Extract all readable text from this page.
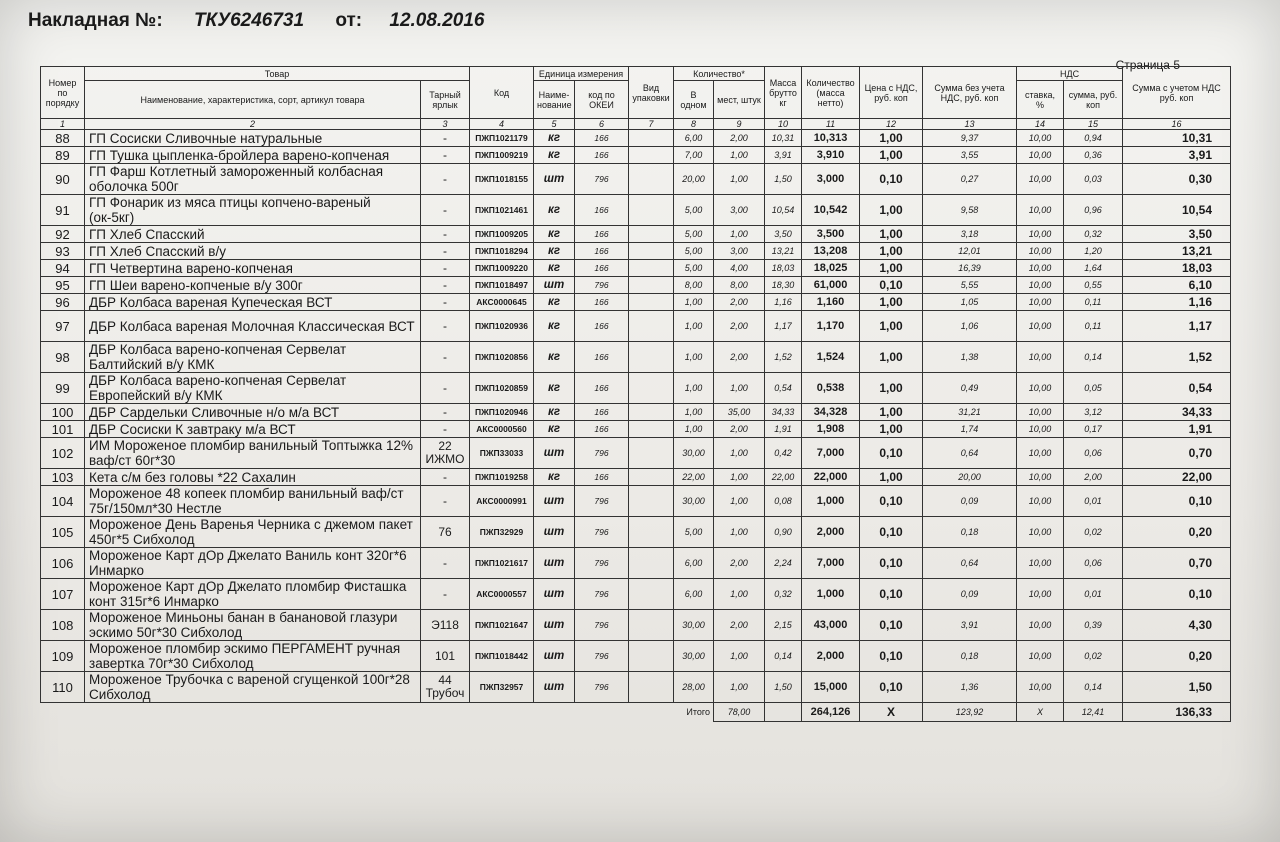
Накладная №: ТКУ6246731 от: 12.08.2016
Страница 5
Номер по порядку	Товар		Код	Единица измерения		Вид упаковки	Количество*		Масса брутто кг	Количество (масса нетто)	Цена с НДС, руб. коп	Сумма без учета НДС, руб. коп	НДС		Сумма с учетом НДС руб. коп
	Наименование, характеристика, сорт, артикул товара	Тарный ярлык		Наиме-нование	код по ОКЕИ		В одном	мест, штук					ставка, %	сумма, руб. коп	
1	2	3	4	5	6	7	8	9	10	11	12	13	14	15	16
88	ГП Сосиски Сливочные натуральные	-	ПЖП1021179	кг	166		6,00	2,00	10,31	10,313	1,00	9,37	10,00	0,94	10,31
89	ГП Тушка цыпленка-бройлера варено-копченая	-	ПЖП1009219	кг	166		7,00	1,00	3,91	3,910	1,00	3,55	10,00	0,36	3,91
90	ГП Фарш Котлетный замороженный колбасная оболочка 500г	-	ПЖП1018155	шт	796		20,00	1,00	1,50	3,000	0,10	0,27	10,00	0,03	0,30
91	ГП Фонарик из мяса птицы копчено-вареный (ок-5кг)	-	ПЖП1021461	кг	166		5,00	3,00	10,54	10,542	1,00	9,58	10,00	0,96	10,54
92	ГП Хлеб Спасский	-	ПЖП1009205	кг	166		5,00	1,00	3,50	3,500	1,00	3,18	10,00	0,32	3,50
93	ГП Хлеб Спасский в/у	-	ПЖП1018294	кг	166		5,00	3,00	13,21	13,208	1,00	12,01	10,00	1,20	13,21
94	ГП Четвертина варено-копченая	-	ПЖП1009220	кг	166		5,00	4,00	18,03	18,025	1,00	16,39	10,00	1,64	18,03
95	ГП Шеи варено-копченые в/у 300г	-	ПЖП1018497	шт	796		8,00	8,00	18,30	61,000	0,10	5,55	10,00	0,55	6,10
96	ДБР Колбаса вареная Купеческая ВСТ	-	АКС0000645	кг	166		1,00	2,00	1,16	1,160	1,00	1,05	10,00	0,11	1,16
97	ДБР Колбаса вареная Молочная Классическая ВСТ	-	ПЖП1020936	кг	166		1,00	2,00	1,17	1,170	1,00	1,06	10,00	0,11	1,17
98	ДБР Колбаса варено-копченая Сервелат Балтийский в/у КМК	-	ПЖП1020856	кг	166		1,00	2,00	1,52	1,524	1,00	1,38	10,00	0,14	1,52
99	ДБР Колбаса варено-копченая Сервелат Европейский в/у КМК	-	ПЖП1020859	кг	166		1,00	1,00	0,54	0,538	1,00	0,49	10,00	0,05	0,54
100	ДБР Сардельки Сливочные н/о м/а ВСТ	-	ПЖП1020946	кг	166		1,00	35,00	34,33	34,328	1,00	31,21	10,00	3,12	34,33
101	ДБР Сосиски К завтраку м/а ВСТ	-	АКС0000560	кг	166		1,00	2,00	1,91	1,908	1,00	1,74	10,00	0,17	1,91
102	ИМ Мороженое пломбир ванильный Топтыжка 12% ваф/ст 60г*30	22 ИЖМО	ПЖП33033	шт	796		30,00	1,00	0,42	7,000	0,10	0,64	10,00	0,06	0,70
103	Кета с/м без головы *22 Сахалин	-	ПЖП1019258	кг	166		22,00	1,00	22,00	22,000	1,00	20,00	10,00	2,00	22,00
104	Мороженое 48 копеек пломбир ванильный ваф/ст 75г/150мл*30 Нестле	-	АКС0000991	шт	796		30,00	1,00	0,08	1,000	0,10	0,09	10,00	0,01	0,10
105	Мороженое День Варенья Черника с джемом пакет 450г*5 Сибхолод	76	ПЖП32929	шт	796		5,00	1,00	0,90	2,000	0,10	0,18	10,00	0,02	0,20
106	Мороженое Карт дОр Джелато Ваниль конт 320г*6 Инмарко	-	ПЖП1021617	шт	796		6,00	2,00	2,24	7,000	0,10	0,64	10,00	0,06	0,70
107	Мороженое Карт дОр Джелато пломбир Фисташка конт 315г*6 Инмарко	-	АКС0000557	шт	796		6,00	1,00	0,32	1,000	0,10	0,09	10,00	0,01	0,10
108	Мороженое Миньоны банан в банановой глазури эскимо 50г*30 Сибхолод	Э118	ПЖП1021647	шт	796		30,00	2,00	2,15	43,000	0,10	3,91	10,00	0,39	4,30
109	Мороженое пломбир эскимо ПЕРГАМЕНТ ручная завертка 70г*30 Сибхолод	101	ПЖП1018442	шт	796		30,00	1,00	0,14	2,000	0,10	0,18	10,00	0,02	0,20
110	Мороженое Трубочка с вареной сгущенкой 100г*28 Сибхолод	44 Трубоч	ПЖП32957	шт	796		28,00	1,00	1,50	15,000	0,10	1,36	10,00	0,14	1,50
							Итого	78,00		264,126	Х	123,92	Х	12,41	136,33
